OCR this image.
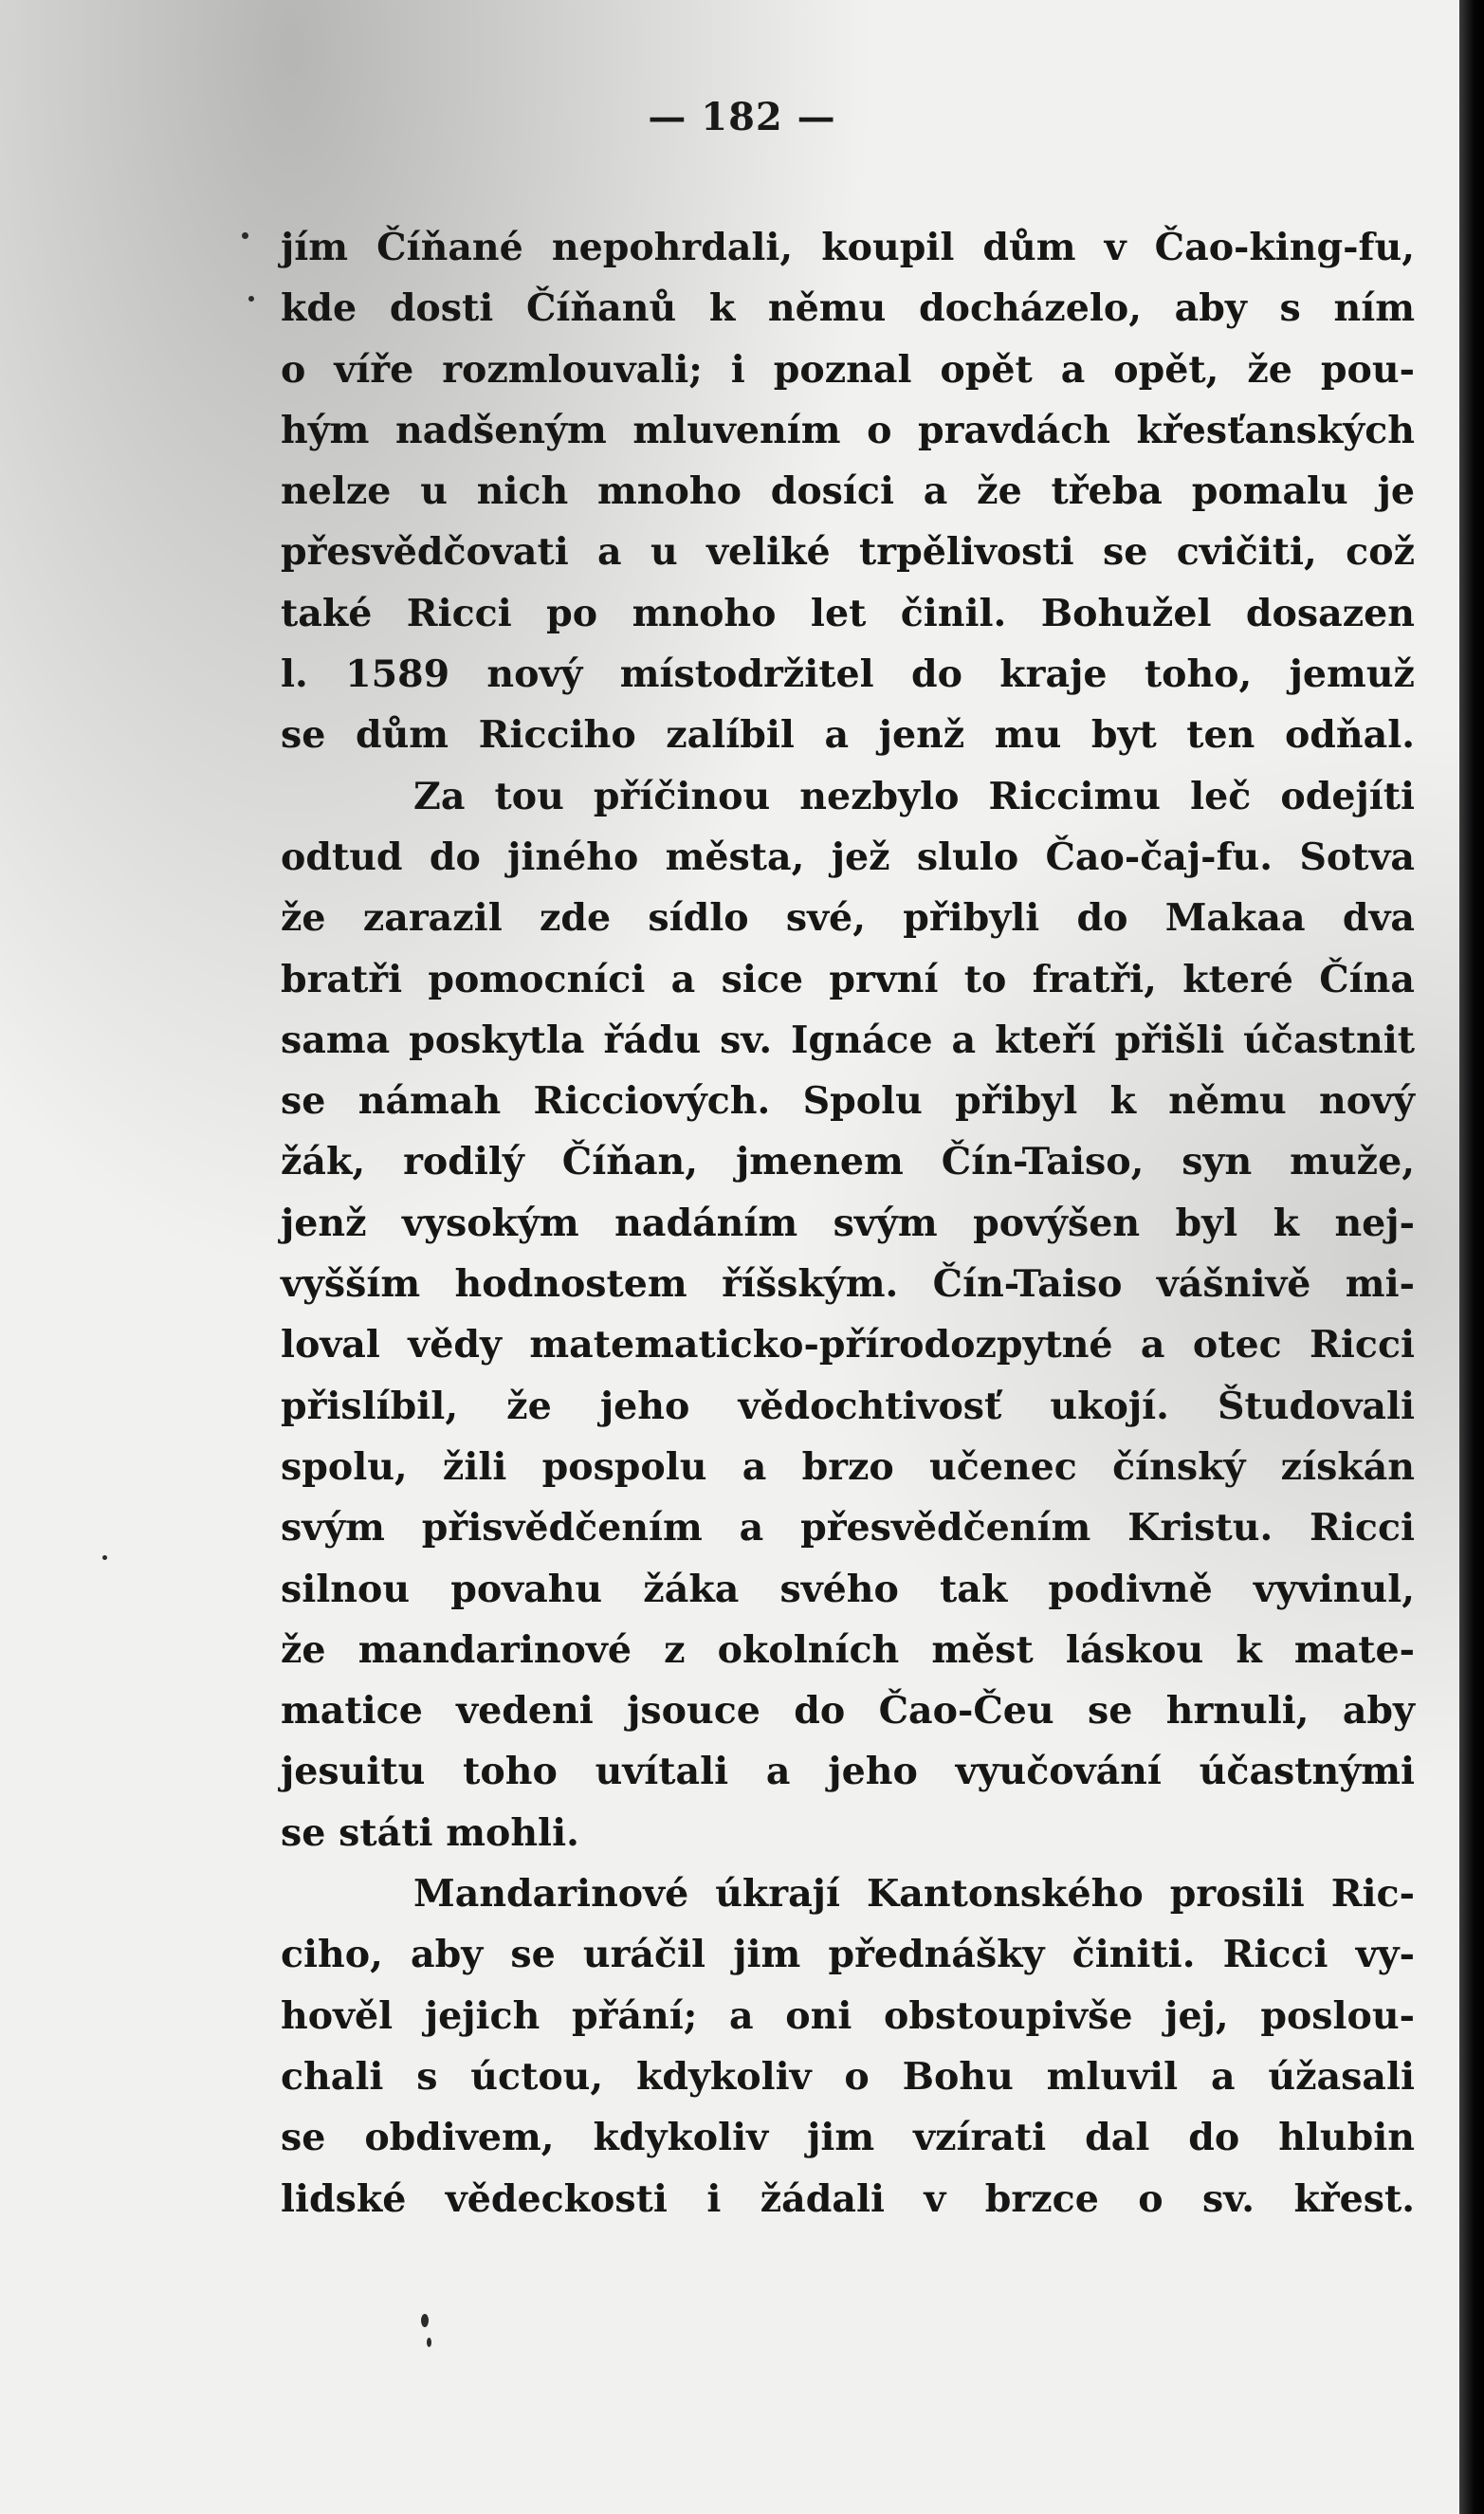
— 182 —
jím Číňané nepohrdali, koupil dům v Čao-king-fu,
kde dosti Číňanů k němu docházelo, aby s ním
o víře rozmlouvali; i poznal opět a opět, že pou-
hým nadšeným mluvením o pravdách křesťanských
nelze u nich mnoho dosíci a že třeba pomalu je
přesvědčovati a u veliké trpělivosti se cvičiti, což
také Ricci po mnoho let činil. Bohužel dosazen
l. 1589 nový místodržitel do kraje toho, jemuž
se dům Ricciho zalíbil a jenž mu byt ten odňal.
Za tou příčinou nezbylo Riccimu leč odejíti
odtud do jiného města, jež slulo Čao-čaj-fu. Sotva
že zarazil zde sídlo své, přibyli do Makaa dva
bratři pomocníci a sice první to fratři, které Čína
sama poskytla řádu sv. Ignáce a kteří přišli účastnit
se námah Ricciových. Spolu přibyl k němu nový
žák, rodilý Číňan, jmenem Čín-Taiso, syn muže,
jenž vysokým nadáním svým povýšen byl k nej-
vyšším hodnostem říšským. Čín-Taiso vášnivě mi-
loval vědy matematicko-přírodozpytné a otec Ricci
přislíbil, že jeho vědochtivosť ukojí. Študovali
spolu, žili pospolu a brzo učenec čínský získán
svým přisvědčením a přesvědčením Kristu. Ricci
silnou povahu žáka svého tak podivně vyvinul,
že mandarinové z okolních měst láskou k mate-
matice vedeni jsouce do Čao-Čeu se hrnuli, aby
jesuitu toho uvítali a jeho vyučování účastnými
se státi mohli.
Mandarinové úkrají Kantonského prosili Ric-
ciho, aby se uráčil jim přednášky činiti. Ricci vy-
hověl jejich přání; a oni obstoupivše jej, poslou-
chali s úctou, kdykoliv o Bohu mluvil a úžasali
se obdivem, kdykoliv jim vzírati dal do hlubin
lidské vědeckosti i žádali v brzce o sv. křest.
